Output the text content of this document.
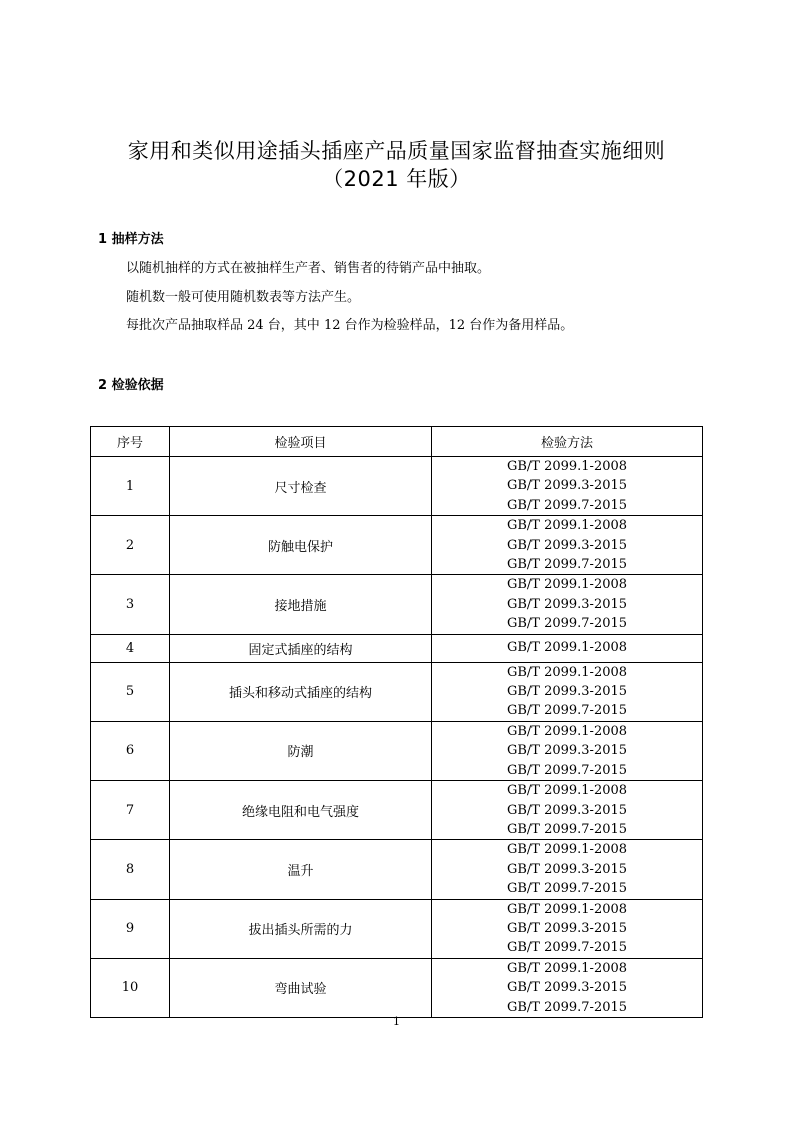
家用和类似用途插头插座产品质量国家监督抽查实施细则
（2021 年版）
1 抽样方法
以随机抽样的方式在被抽样生产者、销售者的待销产品中抽取。
随机数一般可使用随机数表等方法产生。
每批次产品抽取样品 24 台，其中 12 台作为检验样品，12 台作为备用样品。
2 检验依据
序号	检验项目	检验方法
1	尺寸检查	GB/T 2099.1-2008
GB/T 2099.3-2015
GB/T 2099.7-2015

2	防触电保护	GB/T 2099.1-2008
GB/T 2099.3-2015
GB/T 2099.7-2015

3	接地措施	GB/T 2099.1-2008
GB/T 2099.3-2015
GB/T 2099.7-2015

4	固定式插座的结构	GB/T 2099.1-2008

5	插头和移动式插座的结构	GB/T 2099.1-2008
GB/T 2099.3-2015
GB/T 2099.7-2015

6	防潮	GB/T 2099.1-2008
GB/T 2099.3-2015
GB/T 2099.7-2015

7	绝缘电阻和电气强度	GB/T 2099.1-2008
GB/T 2099.3-2015
GB/T 2099.7-2015

8	温升	GB/T 2099.1-2008
GB/T 2099.3-2015
GB/T 2099.7-2015

9	拔出插头所需的力	GB/T 2099.1-2008
GB/T 2099.3-2015
GB/T 2099.7-2015

10	弯曲试验	GB/T 2099.1-2008
GB/T 2099.3-2015
GB/T 2099.7-2015
1
